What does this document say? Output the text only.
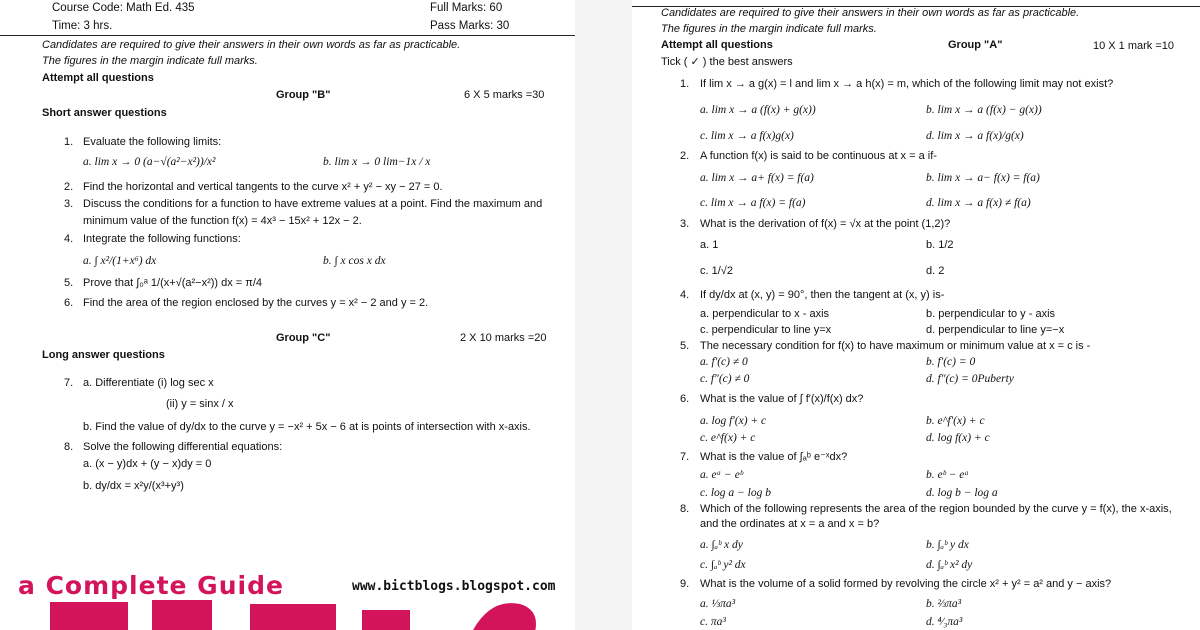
Course Code: Math Ed. 435	Full Marks: 60
Time: 3 hrs.	Pass Marks: 30
Candidates are required to give their answers in their own words as far as practicable.
The figures in the margin indicate full marks.
Attempt all questions
Group "B"	6 X 5 marks =30
Short answer questions
1. Evaluate the following limits:
a. lim x → 0 (a−√(a²−x²))/x²	b. lim x → 0 lim−1x / x
2. Find the horizontal and vertical tangents to the curve x² + y² − xy − 27 = 0.
3. Discuss the conditions for a function to have extreme values at a point. Find the maximum and
minimum value of the function f(x) = 4x³ − 15x² + 12x − 2.
4. Integrate the following functions:
a. ∫ x²/(1+x⁶) dx	b. ∫ x cos x dx
5. Prove that ∫₀ᵃ 1/(x+√(a²−x²)) dx = π/4
6. Find the area of the region enclosed by the curves y = x² − 2 and y = 2.
Group "C"	2 X 10 marks =20
Long answer questions
7. a. Differentiate (i) log sec x
(ii) y = sinx / x
b. Find the value of dy/dx to the curve y = −x² + 5x − 6 at is points of intersection with x-axis.
8. Solve the following differential equations:
a. (x − y)dx + (y − x)dy = 0
b. dy/dx = x²y/(x³+y³)
a Complete Guide	www.bictblogs.blogspot.com
Candidates are required to give their answers in their own words as far as practicable.
The figures in the margin indicate full marks.
Attempt all questions	Group "A"	10 X 1 mark =10
Tick ( ✓ ) the best answers
1. If lim x → a g(x) = l and lim x → a h(x) = m, which of the following limit may not exist?
a. lim x → a (f(x) + g(x))	b. lim x → a (f(x) − g(x))
c. lim x → a f(x)g(x)	d. lim x → a f(x)/g(x)
2. A function f(x) is said to be continuous at x = a if-
a. lim x → a+ f(x) = f(a)	b. lim x → a− f(x) = f(a)
c. lim x → a f(x) = f(a)	d. lim x → a f(x) ≠ f(a)
3. What is the derivation of f(x) = √x at the point (1,2)?
a. 1	b. 1/2
c. 1/√2	d. 2
4. If dy/dx at (x, y) = 90°, then the tangent at (x, y) is-
a. perpendicular to x - axis	b. perpendicular to y - axis
c. perpendicular to line y=x	d. perpendicular to line y=−x
5. The necessary condition for f(x) to have maximum or minimum value at x = c is -
a. f′(c) ≠ 0	b. f′(c) = 0
c. f″(c) ≠ 0	d. f″(c) = 0Puberty
6. What is the value of ∫ f′(x)/f(x) dx?
a. log f′(x) + c	b. e^f′(x) + c
c. e^f(x) + c	d. log f(x) + c
7. What is the value of ∫ₐᵇ e⁻ˣdx?
a. eᵃ − eᵇ	b. eᵇ − eᵃ
c. log a − log b	d. log b − log a
8. Which of the following represents the area of the region bounded by the curve y = f(x), the x-axis,
and the ordinates at x = a and x = b?
a. ∫ₐᵇ x dy	b. ∫ₐᵇ y dx
c. ∫ₐᵇ y² dx	d. ∫ₐᵇ x² dy
9. What is the volume of a solid formed by revolving the circle x² + y² = a² and y − axis?
a. ⅓πa³	b. ⅔πa³
c. πa³	d. ⁴⁄₃πa³
